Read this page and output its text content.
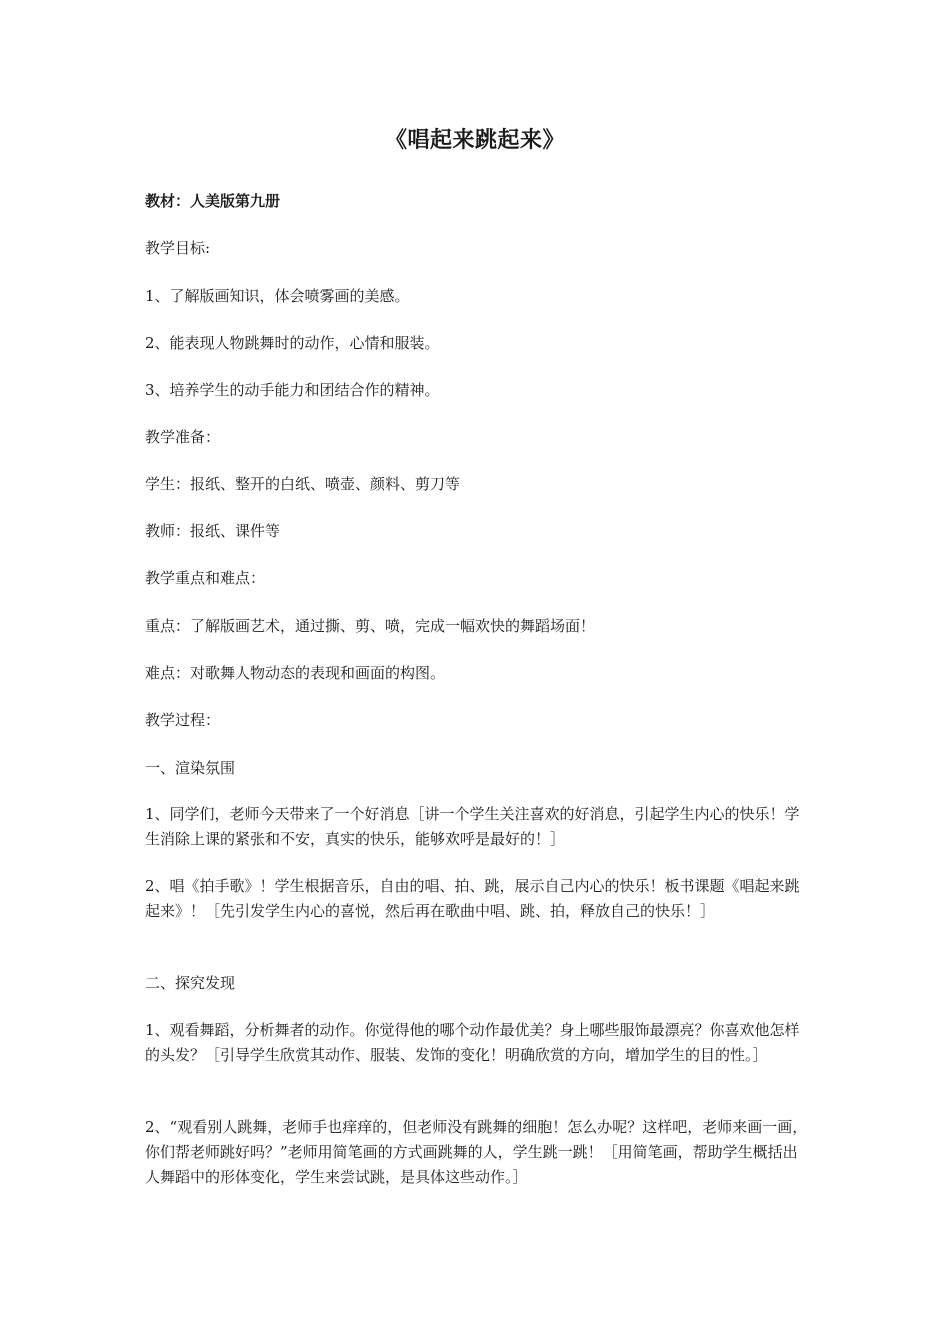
《唱起来跳起来》

教材：人美版第九册

教学目标:

1、了解版画知识，体会喷雾画的美感。

2、能表现人物跳舞时的动作，心情和服装。

3、培养学生的动手能力和团结合作的精神。

教学准备：

学生：报纸、整开的白纸、喷壶、颜料、剪刀等

教师：报纸、课件等

教学重点和难点：

重点：了解版画艺术，通过撕、剪、喷，完成一幅欢快的舞蹈场面！

难点：对歌舞人物动态的表现和画面的构图。

教学过程：

一、渲染氛围

1、同学们，老师今天带来了一个好消息［讲一个学生关注喜欢的好消息，引起学生内心的快乐！学生消除上课的紧张和不安，真实的快乐，能够欢呼是最好的！］

2、唱《拍手歌》！学生根据音乐，自由的唱、拍、跳，展示自己内心的快乐！板书课题《唱起来跳起来》！［先引发学生内心的喜悦，然后再在歌曲中唱、跳、拍，释放自己的快乐！］

二、探究发现

1、观看舞蹈，分析舞者的动作。你觉得他的哪个动作最优美？身上哪些服饰最漂亮？你喜欢他怎样的头发？［引导学生欣赏其动作、服装、发饰的变化！明确欣赏的方向，增加学生的目的性。］

2、“观看别人跳舞，老师手也痒痒的，但老师没有跳舞的细胞！怎么办呢？这样吧，老师来画一画，你们帮老师跳好吗？”老师用简笔画的方式画跳舞的人，学生跳一跳！［用简笔画，帮助学生概括出人舞蹈中的形体变化，学生来尝试跳，是具体这些动作。］
